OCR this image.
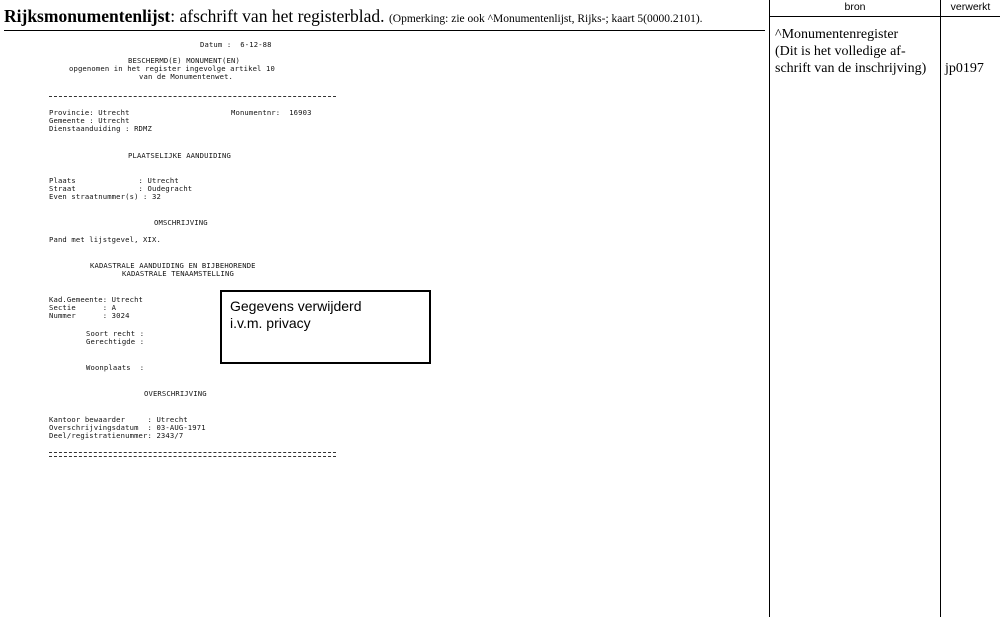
Rijksmonumentenlijst: afschrift van het registerblad. (Opmerking: zie ook ^Monumentenlijst, Rijks-; kaart 5(0000.2101).
bron	verwerkt
^Monumentenregister
(Dit is het volledige af-
schrift van de inschrijving)	jp0197
Datum :  6-12-88
BESCHERMD(E) MONUMENT(EN)
opgenomen in het register ingevolge artikel 10
van de Monumentenwet.
Provincie: Utrecht	Monumentnr:  16903
Gemeente : Utrecht
Dienstaanduiding : RDMZ
PLAATSELIJKE AANDUIDING
Plaats              : Utrecht
Straat              : Oudegracht
Even straatnummer(s) : 32
OMSCHRIJVING
Pand met lijstgevel, XIX.
KADASTRALE AANDUIDING EN BIJBEHORENDE
KADASTRALE TENAAMSTELLING
Kad.Gemeente: Utrecht
Sectie      : A
Nummer      : 3024
Soort recht :
Gerechtigde :
Woonplaats  :
OVERSCHRIJVING
Kantoor bewaarder     : Utrecht
Overschrijvingsdatum  : 03-AUG-1971
Deel/registratienummer: 2343/7
Gegevens verwijderd
i.v.m. privacy
